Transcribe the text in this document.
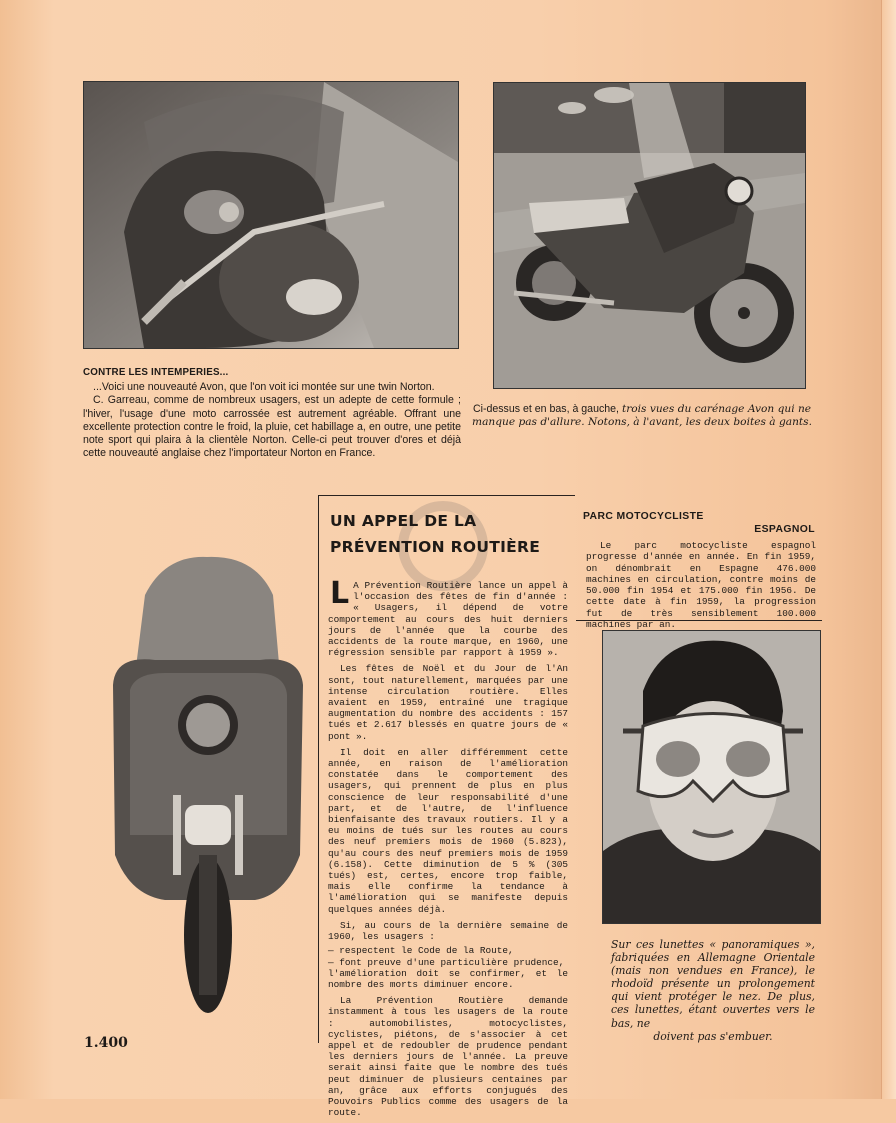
CONTRE LES INTEMPERIES...

...Voici une nouveauté Avon, que l'on voit ici montée sur une twin Norton.

C. Garreau, comme de nombreux usagers, est un adepte de cette formule ; l'hiver, l'usage d'une moto carrossée est autrement agréable. Offrant une excellente protection contre le froid, la pluie, cet habillage a, en outre, une petite note sport qui plaira à la clientèle Norton. Celle-ci peut trouver d'ores et déjà cette nouveauté anglaise chez l'importateur Norton en France.

Ci-dessus et en bas, à gauche, trois vues du carénage Avon qui ne manque pas d'allure. Notons, à l'avant, les deux boites à gants.
UN APPEL DE LA
PRÉVENTION ROUTIÈRE

L A Prévention Routière lance un appel à l'occasion des fêtes de fin d'année : « Usagers, il dépend de votre comportement au cours des huit derniers jours de l'année que la courbe des accidents de la route marque, en 1960, une régression sensible par rapport à 1959 ».

Les fêtes de Noël et du Jour de l'An sont, tout naturellement, marquées par une intense circulation routière. Elles avaient en 1959, entraîné une tragique augmentation du nombre des accidents : 157 tués et 2.617 blessés en quatre jours de « pont ».

Il doit en aller différemment cette année, en raison de l'amélioration constatée dans le comportement des usagers, qui prennent de plus en plus conscience de leur responsabilité d'une part, et de l'autre, de l'influence bienfaisante des travaux routiers. Il y a eu moins de tués sur les routes au cours des neuf premiers mois de 1960 (5.823), qu'au cours des neuf premiers mois de 1959 (6.158). Cette diminution de 5 % (305 tués) est, certes, encore trop faible, mais elle confirme la tendance à l'amélioration qui se manifeste depuis quelques années déjà.

Si, au cours de la dernière semaine de 1960, les usagers :

— respectent le Code de la Route,
— font preuve d'une particulière prudence,

l'amélioration doit se confirmer, et le nombre des morts diminuer encore.

La Prévention Routière demande instamment à tous les usagers de la route : automobilistes, motocyclistes, cyclistes, piétons, de s'associer à cet appel et de redoubler de prudence pendant les derniers jours de l'année. La preuve serait ainsi faite que le nombre des tués peut diminuer de plusieurs centaines par an, grâce aux efforts conjugués des Pouvoirs Publics comme des usagers de la route.

PARC MOTOCYCLISTE
ESPAGNOL

Le parc motocycliste espagnol progresse d'année en année. En fin 1959, on dénombrait en Espagne 476.000 machines en circulation, contre moins de 50.000 fin 1954 et 175.000 fin 1956. De cette date à fin 1959, la progression fut de très sensiblement 100.000 machines par an.

Sur ces lunettes « panoramiques », fabriquées en Allemagne Orientale (mais non vendues en France), le rhodoïd présente un prolongement qui vient protéger le nez. De plus, ces lunettes, étant ouvertes vers le bas, ne
doivent pas s'embuer.
1.400
